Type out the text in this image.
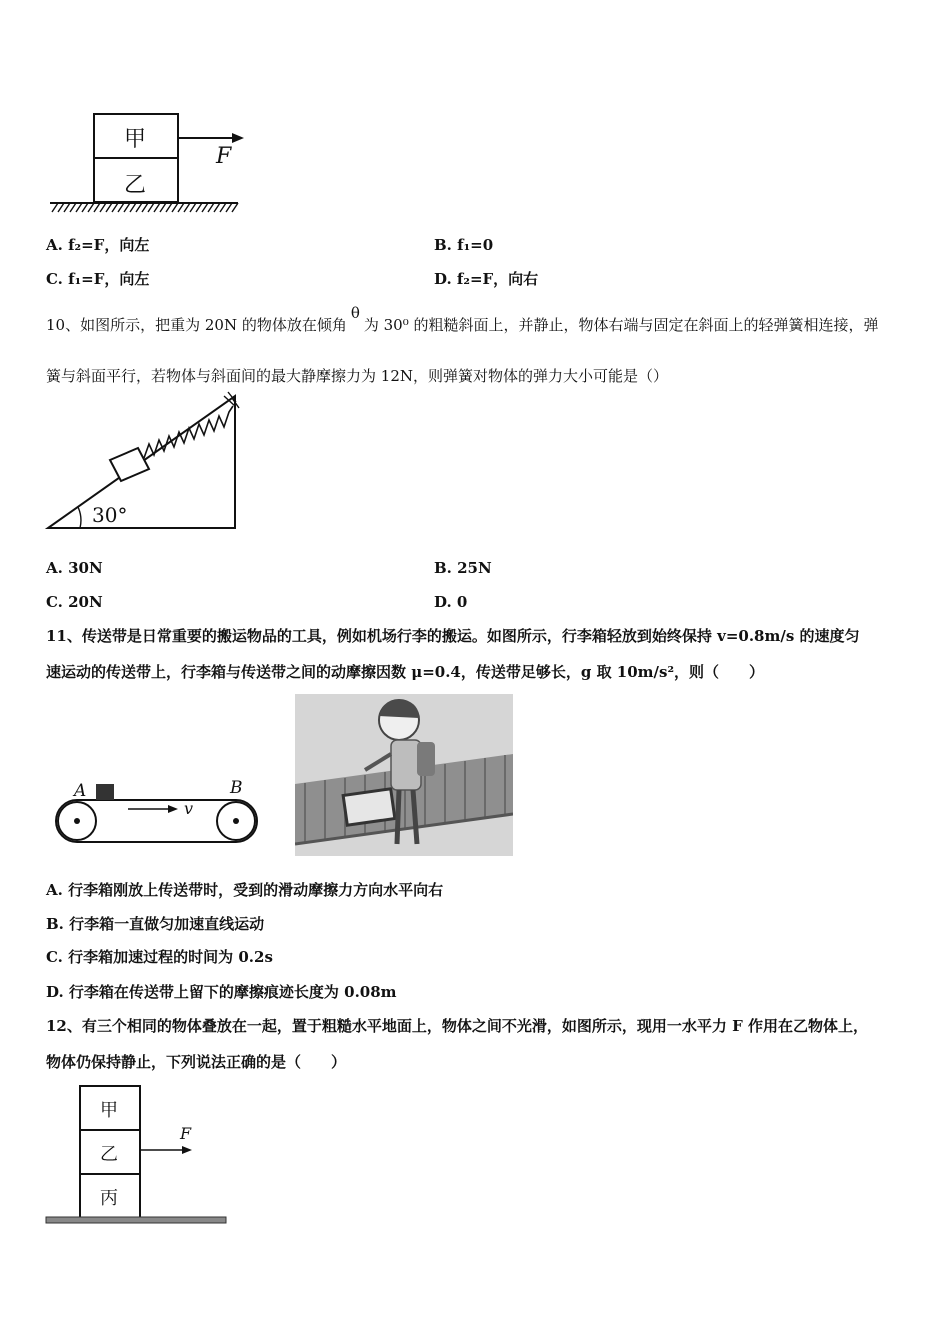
甲
乙
F
A. f₂=F，向左	B. f₁=0
C. f₁=F，向左	D. f₂=F，向右
10、如图所示，把重为 20N 的物体放在倾角θ为 30⁰ 的粗糙斜面上，并静止，物体右端与固定在斜面上的轻弹簧相连接，弹
簧与斜面平行，若物体与斜面间的最大静摩擦力为 12N，则弹簧对物体的弹力大小可能是（）
30°
A. 30N	B. 25N
C. 20N	D. 0
11、传送带是日常重要的搬运物品的工具，例如机场行李的搬运。如图所示，行李箱轻放到始终保持 v=0.8m/s 的速度匀
速运动的传送带上，行李箱与传送带之间的动摩擦因数 μ=0.4，传送带足够长，g 取 10m/s²，则（　　）
A	B
v
A. 行李箱刚放上传送带时，受到的滑动摩擦力方向水平向右
B. 行李箱一直做匀加速直线运动
C. 行李箱加速过程的时间为 0.2s
D. 行李箱在传送带上留下的摩擦痕迹长度为 0.08m
12、有三个相同的物体叠放在一起，置于粗糙水平地面上，物体之间不光滑，如图所示，现用一水平力 F 作用在乙物体上，
物体仍保持静止，下列说法正确的是（　　）
甲
乙
丙
F
